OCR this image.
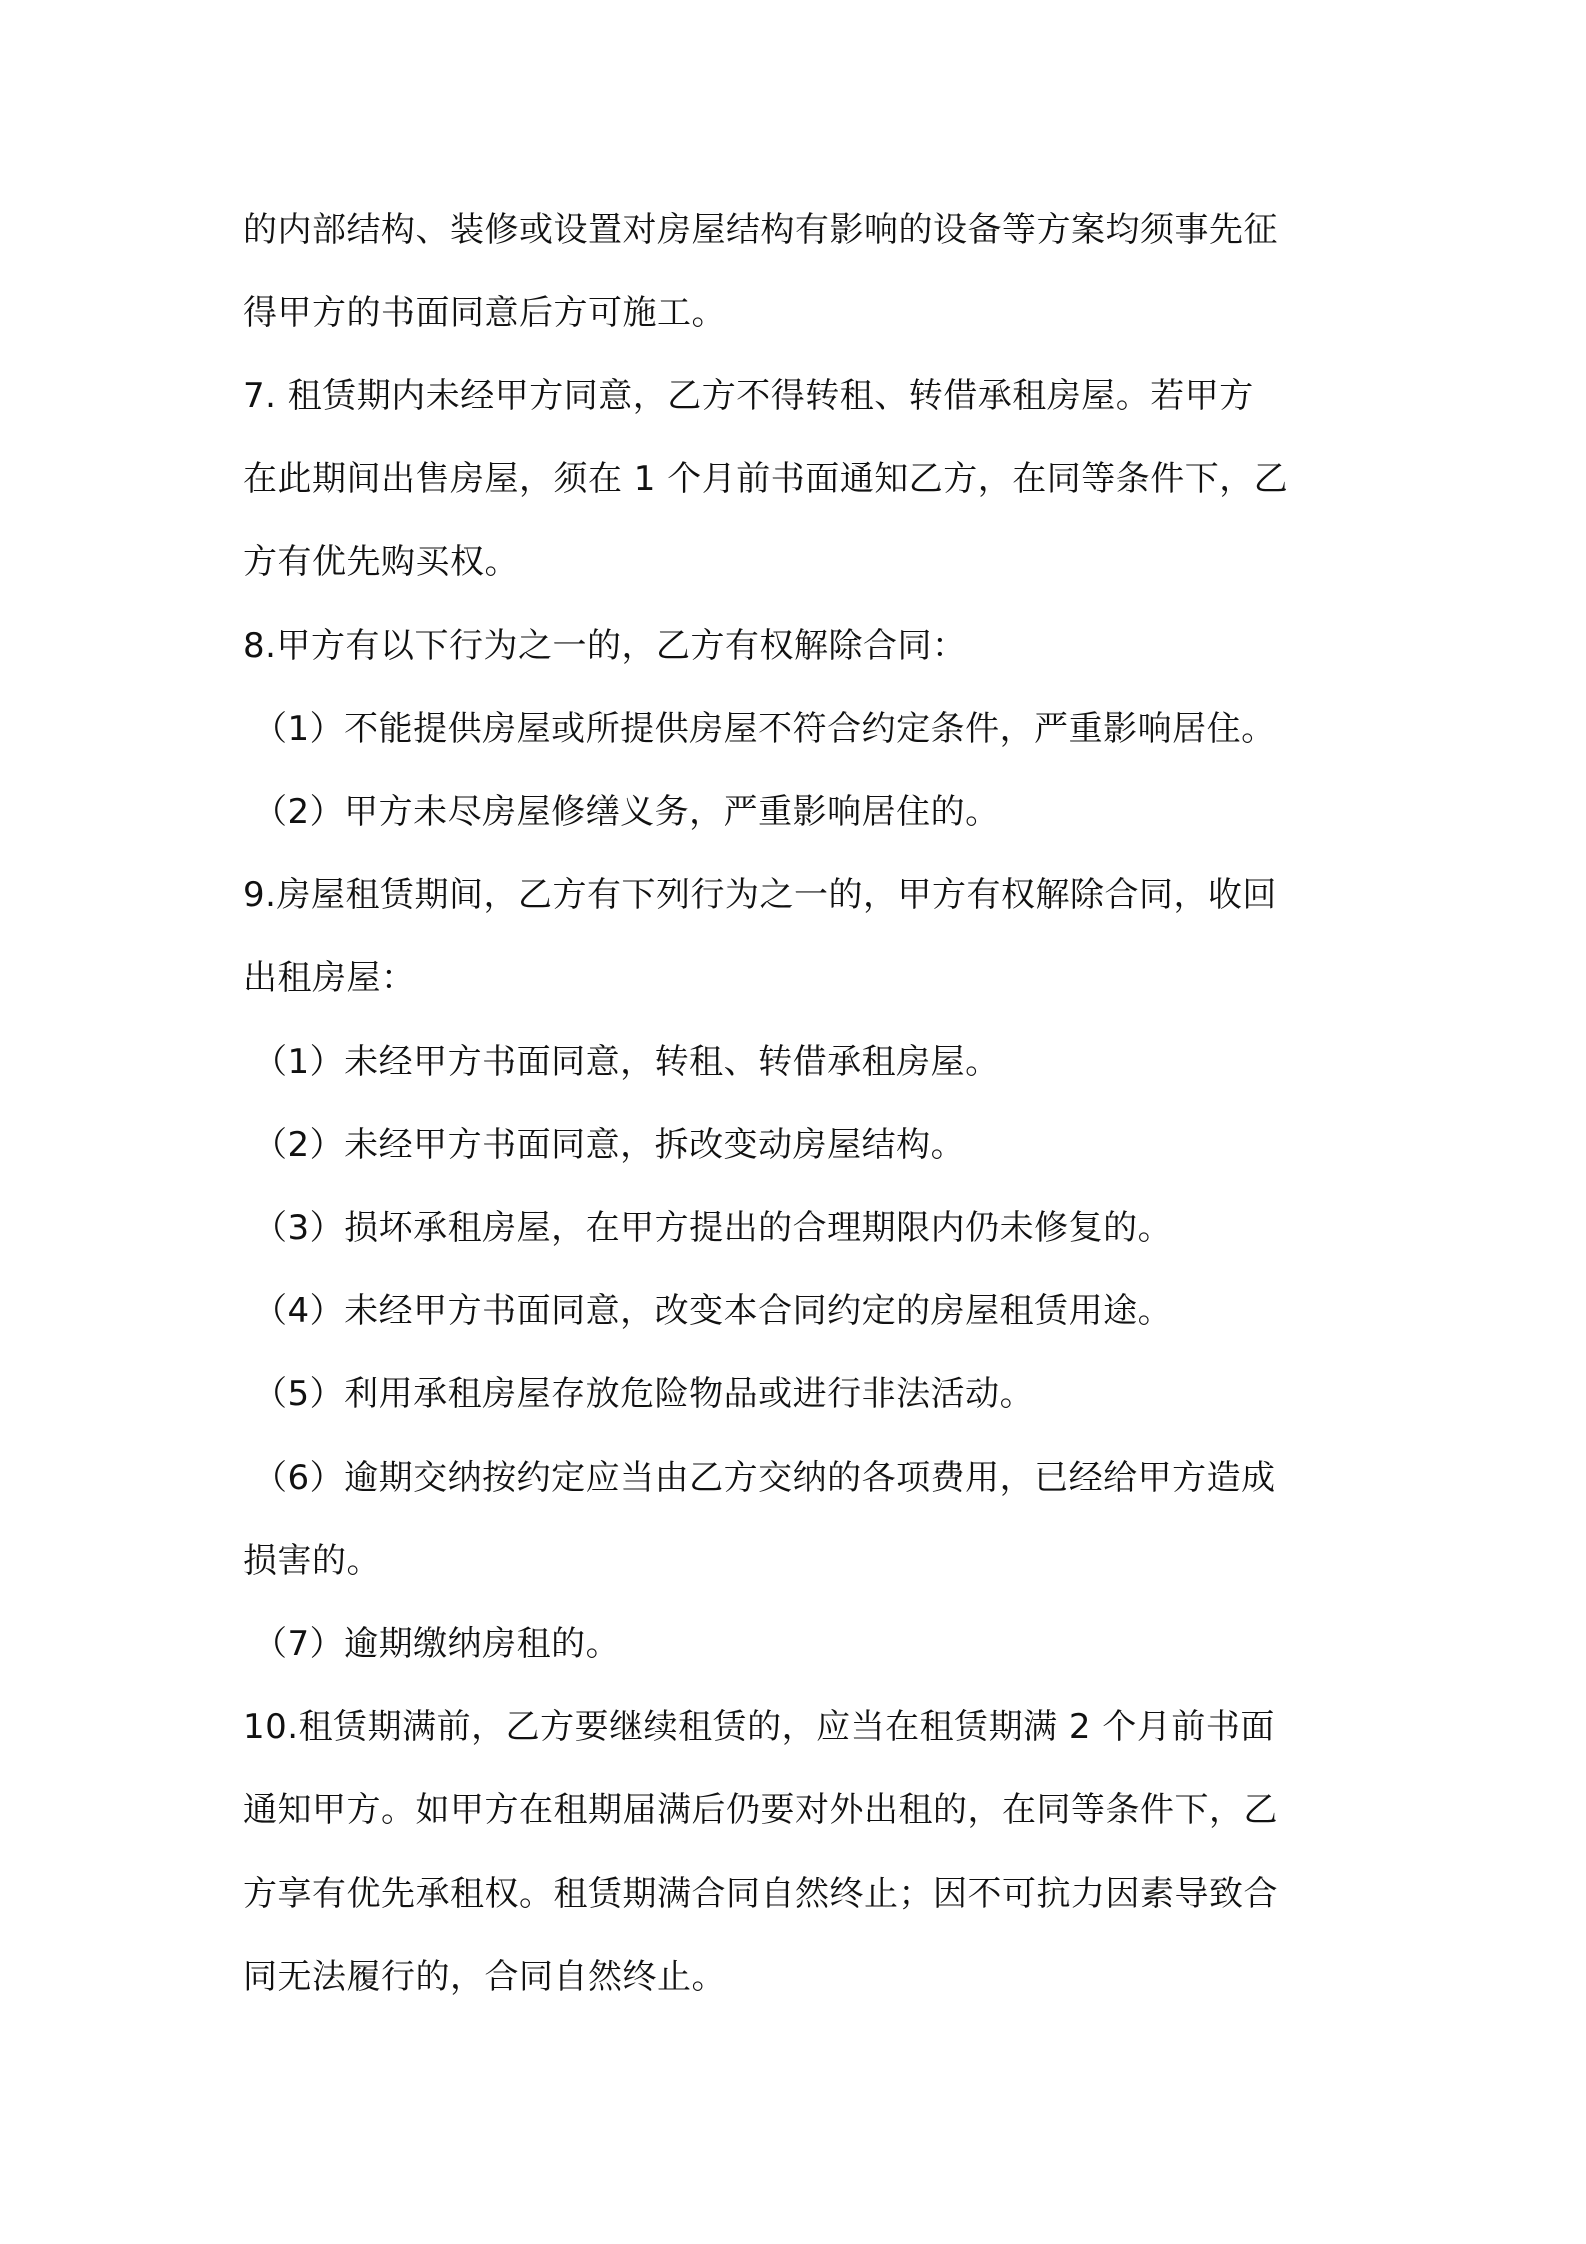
的内部结构、装修或设置对房屋结构有影响的设备等方案均须事先征
得甲方的书面同意后方可施工。
7. 租赁期内未经甲方同意，乙方不得转租、转借承租房屋。若甲方
在此期间出售房屋，须在 1 个月前书面通知乙方，在同等条件下，乙
方有优先购买权。
8.甲方有以下行为之一的，乙方有权解除合同：
（1）不能提供房屋或所提供房屋不符合约定条件，严重影响居住。
（2）甲方未尽房屋修缮义务，严重影响居住的。
9.房屋租赁期间，乙方有下列行为之一的，甲方有权解除合同，收回
出租房屋：
（1）未经甲方书面同意，转租、转借承租房屋。
（2）未经甲方书面同意，拆改变动房屋结构。
（3）损坏承租房屋，在甲方提出的合理期限内仍未修复的。
（4）未经甲方书面同意，改变本合同约定的房屋租赁用途。
（5）利用承租房屋存放危险物品或进行非法活动。
（6）逾期交纳按约定应当由乙方交纳的各项费用，已经给甲方造成
损害的。
（7）逾期缴纳房租的。
10.租赁期满前，乙方要继续租赁的，应当在租赁期满 2 个月前书面
通知甲方。如甲方在租期届满后仍要对外出租的，在同等条件下，乙
方享有优先承租权。租赁期满合同自然终止；因不可抗力因素导致合
同无法履行的，合同自然终止。
